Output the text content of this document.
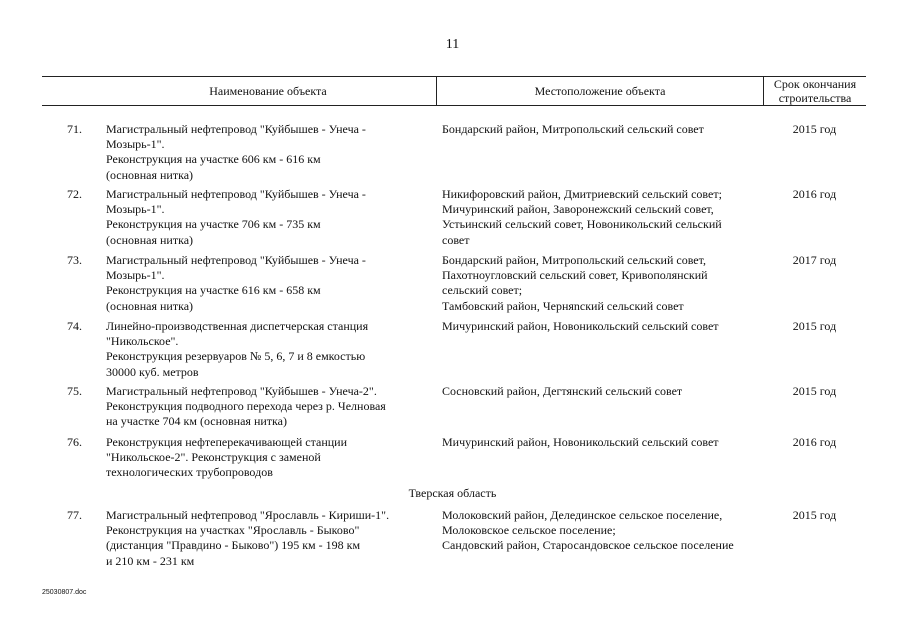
11
Наименование объекта	Местоположение объекта	Срок окончания
строительства
71. Магистральный нефтепровод "Куйбышев - Унеча -
Мозырь-1".
Реконструкция на участке 606 км - 616 км
(основная нитка)
Бондарский район, Митропольский сельский совет	2015 год
72. Магистральный нефтепровод "Куйбышев - Унеча -
Мозырь-1".
Реконструкция на участке 706 км - 735 км
(основная нитка)
Никифоровский район, Дмитриевский сельский совет;
Мичуринский район, Заворонежский сельский совет,
Устьинский сельский совет, Новоникольский сельский
совет
2016 год
73. Магистральный нефтепровод "Куйбышев - Унеча -
Мозырь-1".
Реконструкция на участке 616 км - 658 км
(основная нитка)
Бондарский район, Митропольский сельский совет,
Пахотноугловский сельский совет, Кривополянский
сельский совет;
Тамбовский район, Черняnский сельский совет
2017 год
74. Линейно-производственная диспетчерская станция
"Никольское".
Реконструкция резервуаров № 5, 6, 7 и 8 емкостью
30000 куб. метров
Мичуринский район, Новоникольский сельский совет	2015 год
75. Магистральный нефтепровод "Куйбышев - Унеча-2".
Реконструкция подводного перехода через р. Челновая
на участке 704 км (основная нитка)
Сосновский район, Дегтянский сельский совет	2015 год
76. Реконструкция нефтеперекачивающей станции
"Никольское-2". Реконструкция с заменой
технологических трубопроводов
Мичуринский район, Новоникольский сельский совет	2016 год
Тверская область
77. Магистральный нефтепровод "Ярославль - Кириши-1".
Реконструкция на участках "Ярославль - Быково"
(дистанция "Правдино - Быково") 195 км - 198 км
и 210 км - 231 км
Молоковский район, Делединское сельское поселение,
Молоковское сельское поселение;
Сандовский район, Старосандовское сельское поселение
2015 год
25030807.doc
